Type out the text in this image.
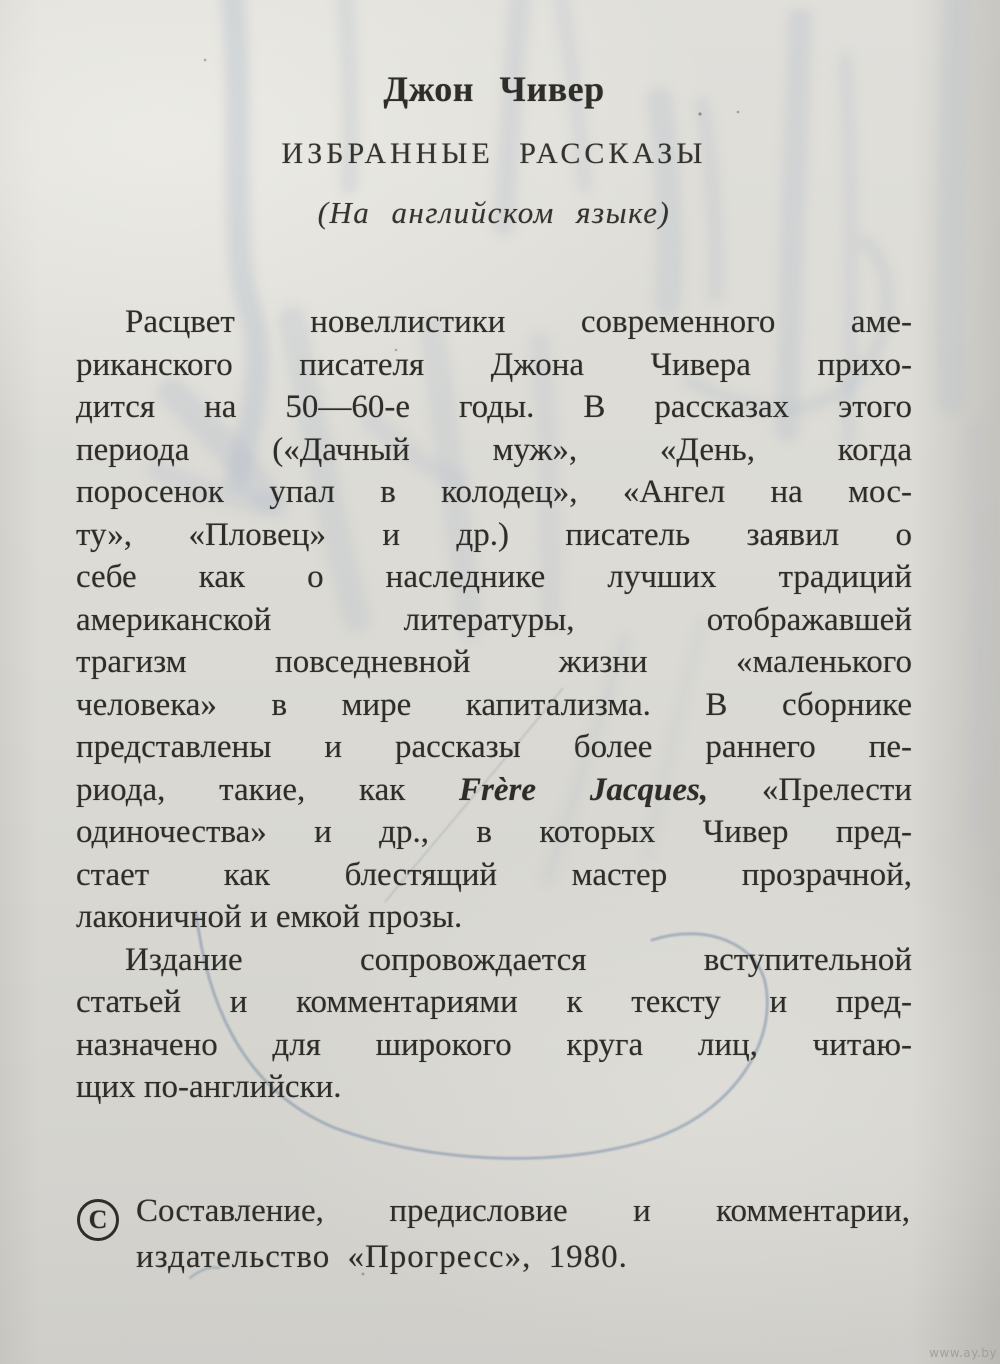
Джон Чивер
ИЗБРАННЫЕ РАССКАЗЫ
(На английском языке)
Расцвет новеллистики современного аме-
риканского писателя Джона Чивера прихо-
дится на 50—60-е годы. В рассказах этого
периода («Дачный муж», «День, когда
поросенок упал в колодец», «Ангел на мос-
ту», «Пловец» и др.) писатель заявил о
себе как о наследнике лучших традиций
американской литературы, отображавшей
трагизм повседневной жизни «маленького
человека» в мире капитализма. В сборнике
представлены и рассказы более раннего пе-
риода, такие, как Frère Jacques, «Прелести
одиночества» и др., в которых Чивер пред-
стает как блестящий мастер прозрачной,
лаконичной и емкой прозы.
Издание сопровождается вступительной
статьей и комментариями к тексту и пред-
назначено для широкого круга лиц, читаю-
щих по-английски.
C Составление, предисловие и комментарии,
издательство «Прогресс», 1980.
www.ay.by
